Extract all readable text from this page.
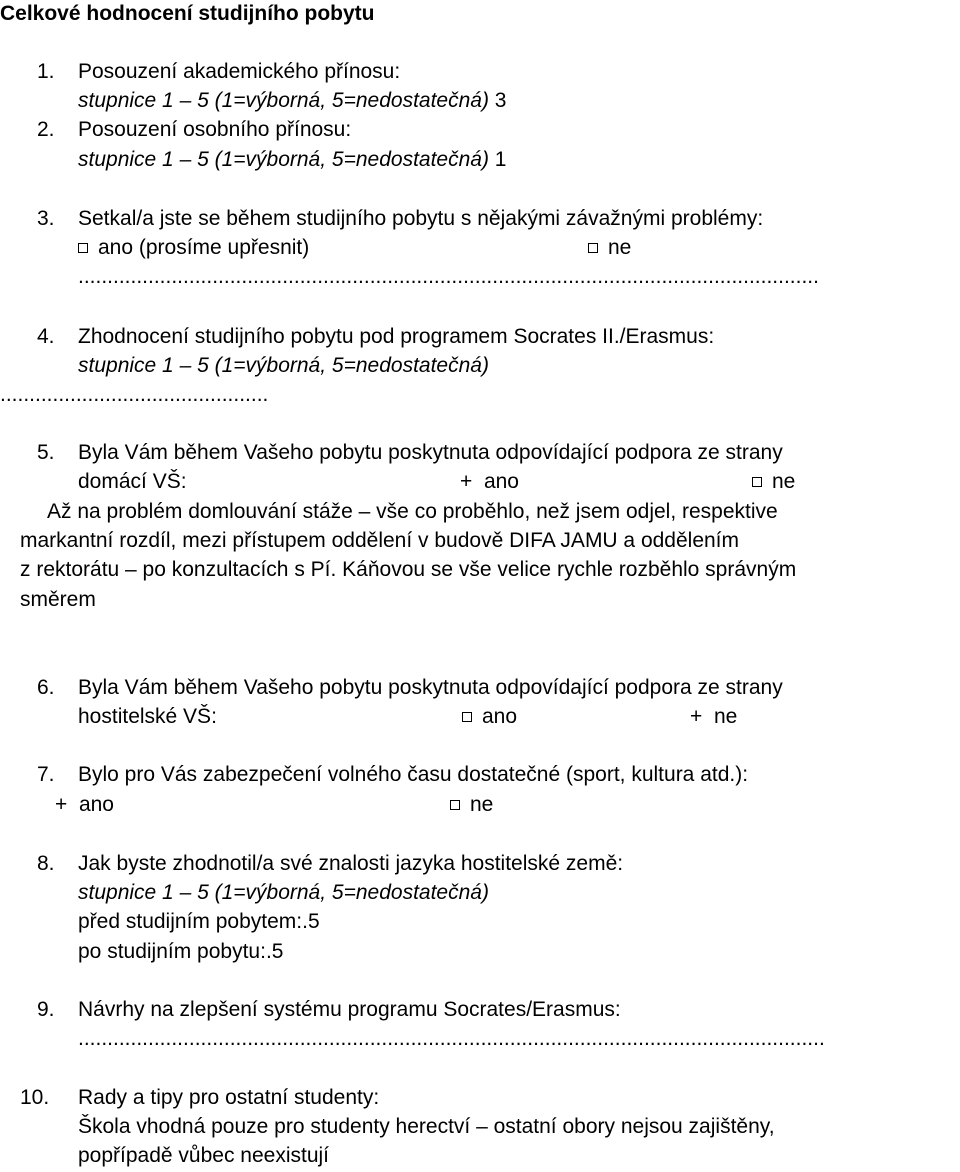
Celkové hodnocení studijního pobytu
1. Posouzení akademického přínosu:
stupnice 1 – 5 (1=výborná, 5=nedostatečná) 3
2. Posouzení osobního přínosu:
stupnice 1 – 5 (1=výborná, 5=nedostatečná) 1
3. Setkal/a jste se během studijního pobytu s nějakými závažnými problémy:
ano (prosíme upřesnit)	ne
...............................................................................................................................
4. Zhodnocení studijního pobytu pod programem Socrates II./Erasmus:
stupnice 1 – 5 (1=výborná, 5=nedostatečná)
..............................................
5. Byla Vám během Vašeho pobytu poskytnuta odpovídající podpora ze strany
domácí VŠ:	+ ano	ne
Až na problém domlouvání stáže – vše co proběhlo, než jsem odjel, respektive
markantní rozdíl, mezi přístupem oddělení v budově DIFA JAMU a oddělením
z rektorátu – po konzultacích s Pí. Káňovou se vše velice rychle rozběhlo správným
směrem
6. Byla Vám během Vašeho pobytu poskytnuta odpovídající podpora ze strany
hostitelské VŠ:	ano	+ ne
7. Bylo pro Vás zabezpečení volného času dostatečné (sport, kultura atd.):
+ ano	ne
8. Jak byste zhodnotil/a své znalosti jazyka hostitelské země:
stupnice 1 – 5 (1=výborná, 5=nedostatečná)
před studijním pobytem:.5
po studijním pobytu:.5
9. Návrhy na zlepšení systému programu Socrates/Erasmus:
................................................................................................................................
10. Rady a tipy pro ostatní studenty:
Škola vhodná pouze pro studenty herectví – ostatní obory nejsou zajištěny,
popřípadě vůbec neexistují
